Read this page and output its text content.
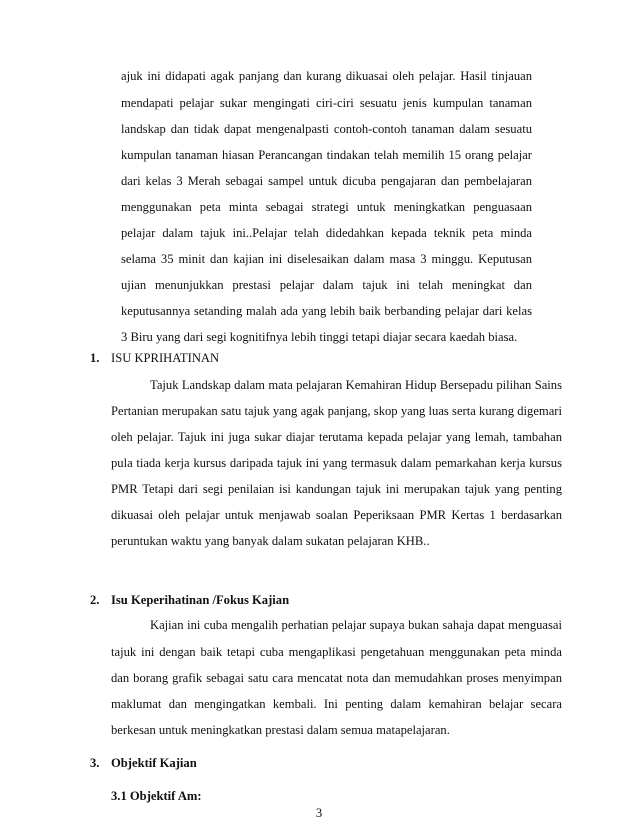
ajuk ini didapati agak panjang dan kurang dikuasai oleh pelajar. Hasil tinjauan
mendapati pelajar sukar mengingati ciri-ciri sesuatu jenis kumpulan tanaman
landskap dan tidak dapat mengenalpasti contoh-contoh tanaman dalam sesuatu
kumpulan tanaman hiasan Perancangan tindakan telah memilih 15 orang pelajar
dari kelas 3 Merah sebagai sampel untuk dicuba pengajaran dan pembelajaran
menggunakan peta minta sebagai strategi untuk meningkatkan penguasaan
pelajar dalam tajuk ini..Pelajar telah didedahkan kepada teknik peta minda
selama 35 minit dan kajian ini diselesaikan dalam masa 3 minggu. Keputusan
ujian menunjukkan prestasi pelajar dalam tajuk ini telah meningkat dan
keputusannya setanding malah ada yang lebih baik berbanding pelajar dari kelas
3 Biru yang dari segi kognitifnya lebih tinggi tetapi diajar secara kaedah biasa.
1. ISU KPRIHATINAN
Tajuk Landskap dalam mata pelajaran Kemahiran Hidup Bersepadu pilihan Sains
Pertanian merupakan satu tajuk yang agak panjang, skop yang luas serta kurang digemari
oleh pelajar. Tajuk ini juga sukar diajar terutama kepada pelajar yang lemah, tambahan
pula tiada kerja kursus daripada tajuk ini yang termasuk dalam pemarkahan kerja kursus
PMR Tetapi dari segi penilaian isi kandungan tajuk ini merupakan tajuk yang penting
dikuasai oleh pelajar untuk menjawab soalan Peperiksaan PMR Kertas 1 berdasarkan
peruntukan waktu yang banyak dalam sukatan pelajaran KHB..
2. Isu Keperihatinan /Fokus Kajian
Kajian ini cuba mengalih perhatian pelajar supaya bukan sahaja dapat menguasai
tajuk ini dengan baik tetapi cuba mengaplikasi pengetahuan menggunakan peta minda
dan borang grafik sebagai satu cara mencatat nota dan memudahkan proses menyimpan
maklumat dan mengingatkan kembali. Ini penting dalam kemahiran belajar secara
berkesan untuk meningkatkan prestasi dalam semua matapelajaran.
3. Objektif Kajian
3.1 Objektif Am:
3
